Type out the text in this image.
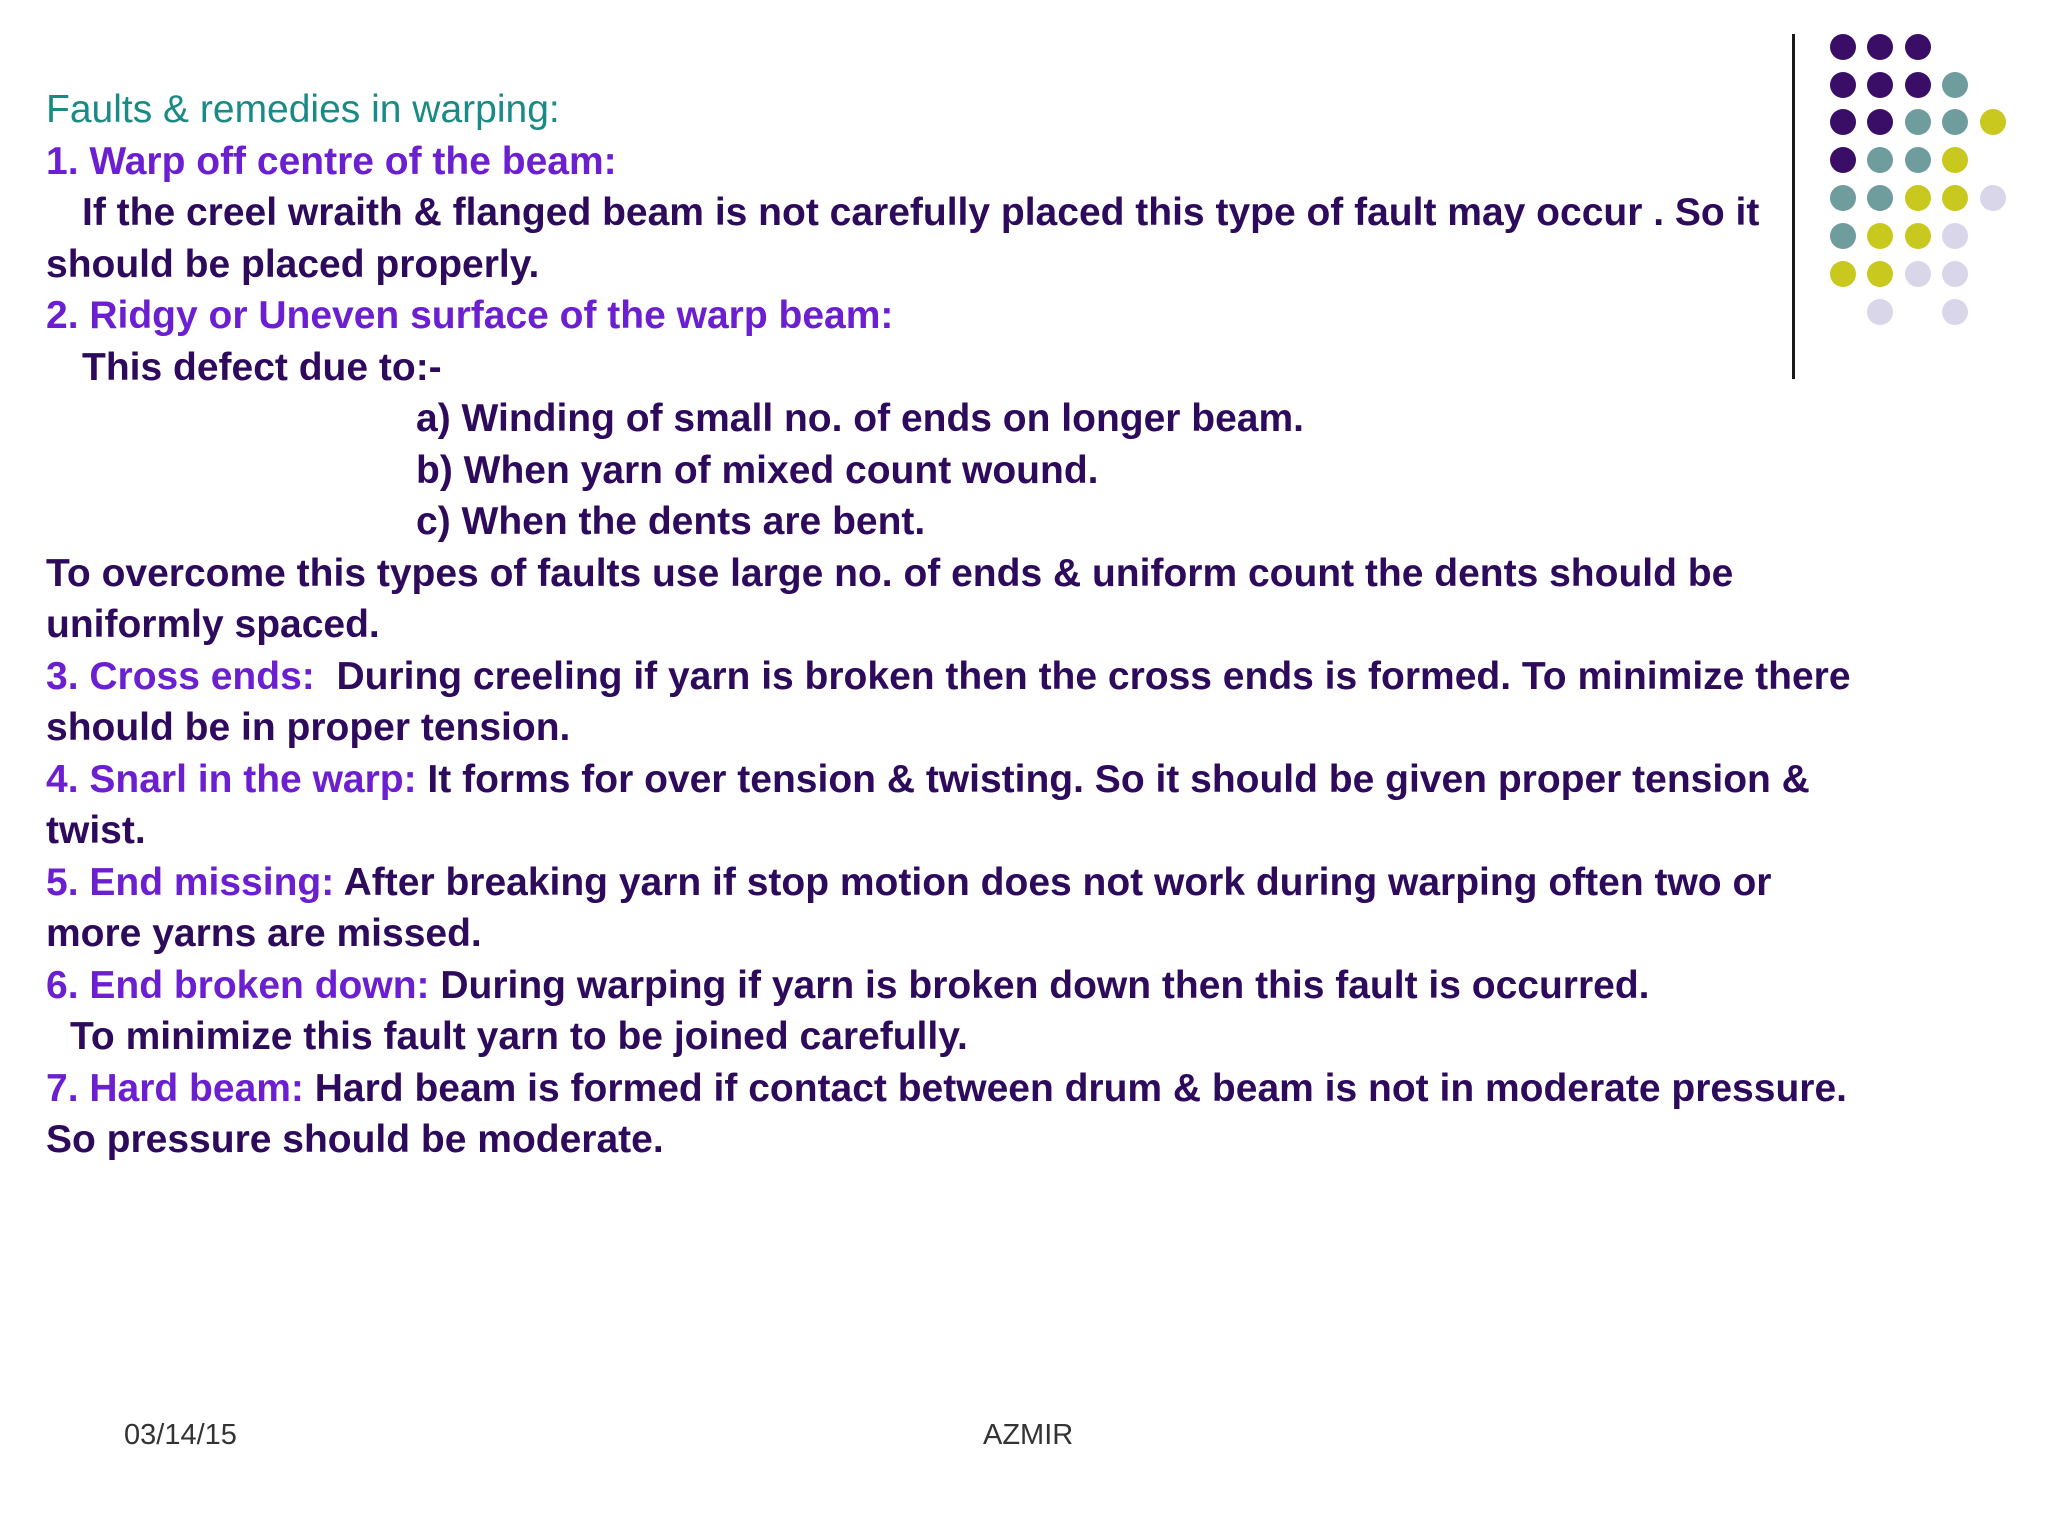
Faults & remedies in warping:
1. Warp off centre of the beam:
If the creel wraith & flanged beam is not carefully placed this type of fault may occur . So it
should be placed properly.
2. Ridgy or Uneven surface of the warp beam:
This defect due to:-
a) Winding of small no. of ends on longer beam.
b) When yarn of mixed count wound.
c) When the dents are bent.
To overcome this types of faults use large no. of ends & uniform count the dents should be
uniformly spaced.
3. Cross ends: During creeling if yarn is broken then the cross ends is formed. To minimize there
should be in proper tension.
4. Snarl in the warp: It forms for over tension & twisting. So it should be given proper tension &
twist.
5. End missing: After breaking yarn if stop motion does not work during warping often two or
more yarns are missed.
6. End broken down: During warping if yarn is broken down then this fault is occurred.
To minimize this fault yarn to be joined carefully.
7. Hard beam: Hard beam is formed if contact between drum & beam is not in moderate pressure.
So pressure should be moderate.
03/14/15	AZMIR
